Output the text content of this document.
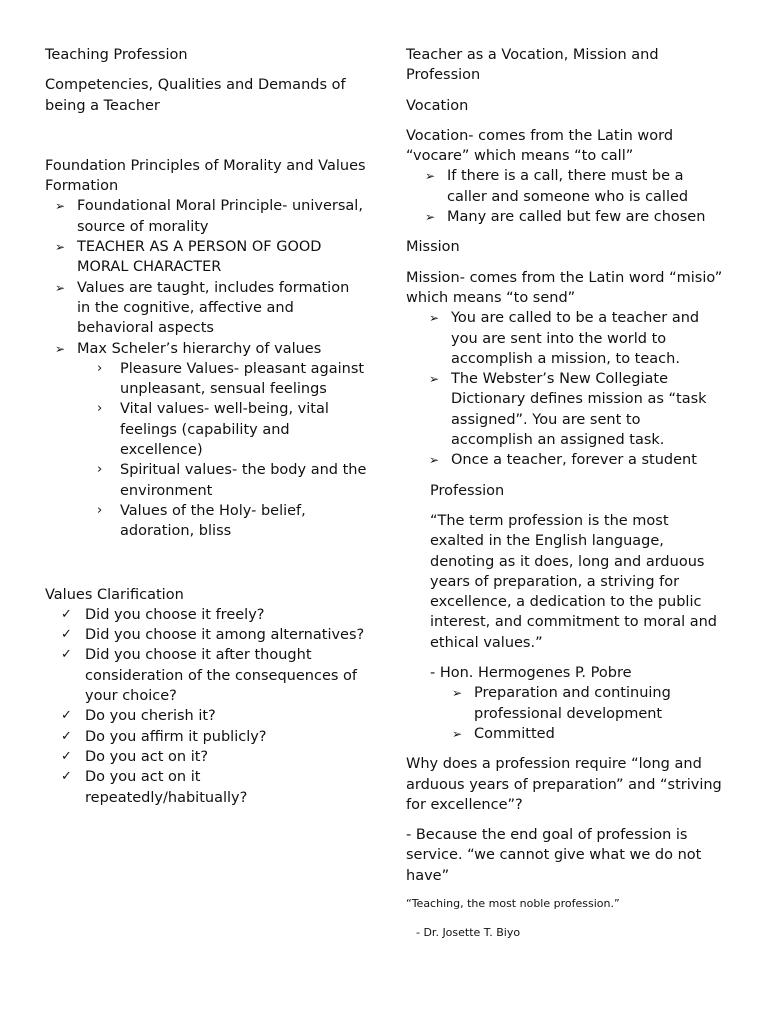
Teaching Profession

Competencies, Qualities and Demands of being a Teacher

Foundation Principles of Morality and Values Formation

➢ Foundational Moral Principle- universal, source of morality
➢ TEACHER AS A PERSON OF GOOD MORAL CHARACTER
➢ Values are taught, includes formation in the cognitive, affective and behavioral aspects
➢ Max Scheler’s hierarchy of values
›	Pleasure Values- pleasant against unpleasant, sensual feelings
›	Vital values- well-being, vital feelings (capability and excellence)
›	Spiritual values- the body and the environment
›	Values of the Holy- belief, adoration, bliss

Values Clarification

✓ Did you choose it freely?
✓ Did you choose it among alternatives?
✓ Did you choose it after thought consideration of the consequences of your choice?
✓ Do you cherish it?
✓ Do you affirm it publicly?
✓ Do you act on it?
✓ Do you act on it repeatedly/habitually?

Teacher as a Vocation, Mission and Profession

Vocation

Vocation- comes from the Latin word “vocare” which means “to call”

➢ If there is a call, there must be a caller and someone who is called
➢ Many are called but few are chosen

Mission

Mission- comes from the Latin word “misio” which means “to send”

➢ You are called to be a teacher and you are sent into the world to accomplish a mission, to teach.
➢ The Webster’s New Collegiate Dictionary defines mission as “task assigned”. You are sent to accomplish an assigned task.
➢ Once a teacher, forever a student

Profession

“The term profession is the most exalted in the English language, denoting as it does, long and arduous years of preparation, a striving for excellence, a dedication to the public interest, and commitment to moral and ethical values.”

- Hon. Hermogenes P. Pobre

➢ Preparation and continuing professional development
➢ Committed

Why does a profession require “long and arduous years of preparation” and “striving for excellence”?

- Because the end goal of profession is service. “we cannot give what we do not have”

“Teaching, the most noble profession.”

- Dr. Josette T. Biyo
